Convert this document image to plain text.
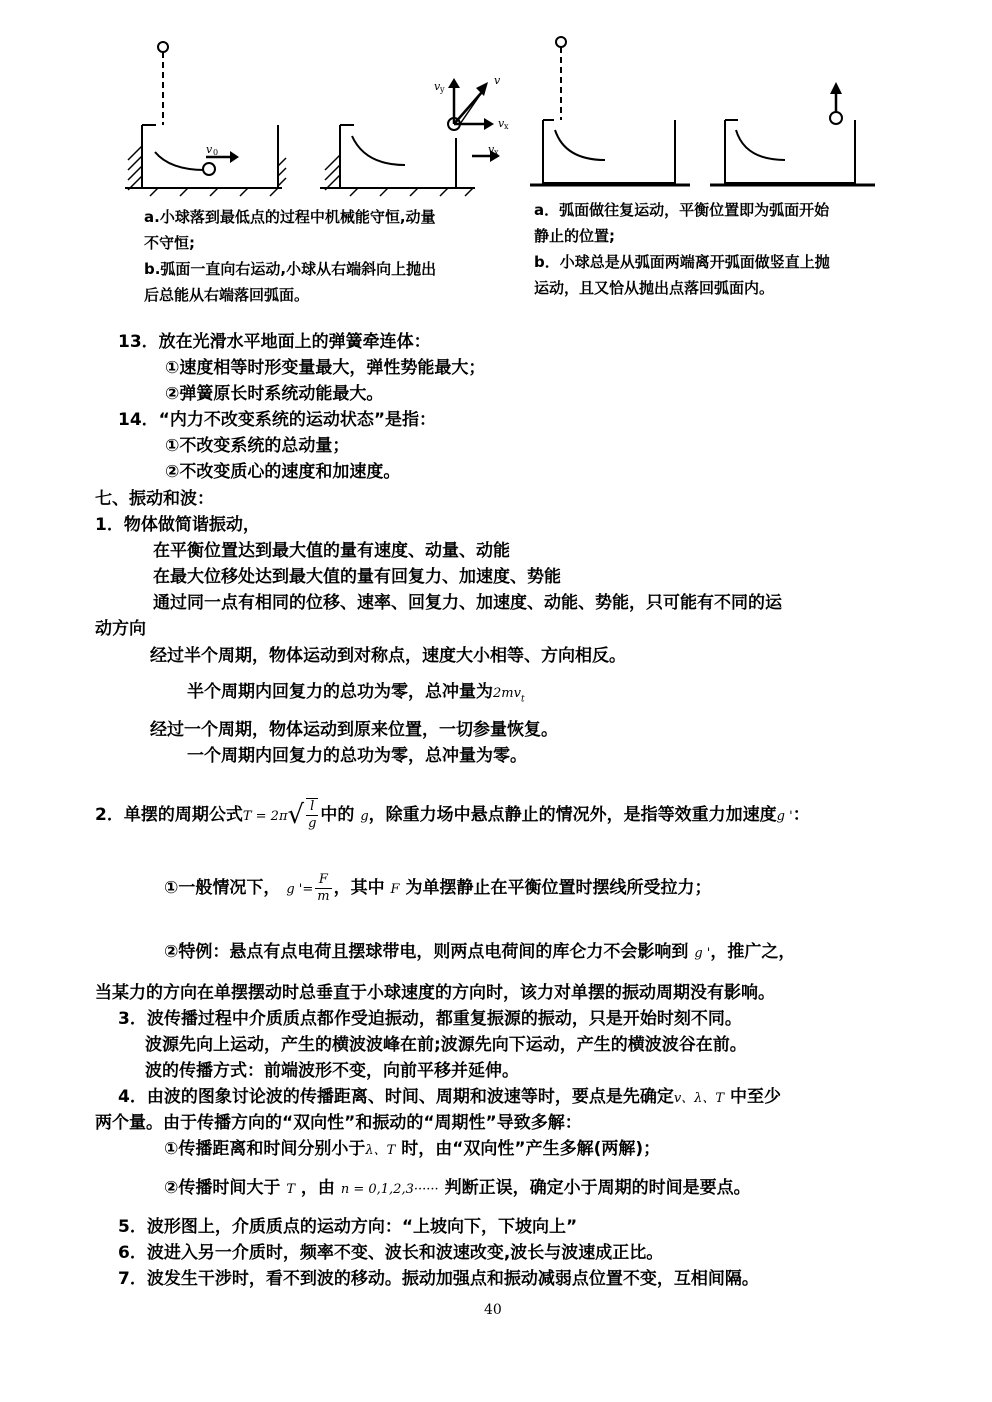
v 0
v y
v
v x
v x
a.小球落到最低点的过程中机械能守恒,动量
不守恒;
b.弧面一直向右运动,小球从右端斜向上抛出
后总能从右端落回弧面。
a．弧面做往复运动，平衡位置即为弧面开始
静止的位置;
b．小球总是从弧面两端离开弧面做竖直上抛
运动，且又恰从抛出点落回弧面内。
13．放在光滑水平地面上的弹簧牵连体：
①速度相等时形变量最大，弹性势能最大；
②弹簧原长时系统动能最大。
14．“内力不改变系统的运动状态”是指：
①不改变系统的总动量；
②不改变质心的速度和加速度。
七、振动和波：
1．物体做简谐振动，
在平衡位置达到最大值的量有速度、动量、动能
在最大位移处达到最大值的量有回复力、加速度、势能
通过同一点有相同的位移、速率、回复力、加速度、动能、势能，只可能有不同的运
动方向
经过半个周期，物体运动到对称点，速度大小相等、方向相反。
半个周期内回复力的总功为零，总冲量为$2mv_t$
经过一个周期，物体运动到原来位置，一切参量恢复。
一个周期内回复力的总功为零，总冲量为零。
2．单摆的周期公式$T = 2\pi√ \frac{l}{g}$ 中的 g，除重力场中悬点静止的情况外，是指等效重力加速度g '：
①一般情况下， g '= $\frac{F}{m}$ ，其中 F 为单摆静止在平衡位置时摆线所受拉力；
②特例：悬点有点电荷且摆球带电，则两点电荷间的库仑力不会影响到 g '，推广之，
当某力的方向在单摆摆动时总垂直于小球速度的方向时，该力对单摆的振动周期没有影响。
3．波传播过程中介质质点都作受迫振动，都重复振源的振动，只是开始时刻不同。
波源先向上运动，产生的横波波峰在前;波源先向下运动，产生的横波波谷在前。
波的传播方式：前端波形不变，向前平移并延伸。
4．由波的图象讨论波的传播距离、时间、周期和波速等时，要点是先确定v、λ、T 中至少
两个量。由于传播方向的“双向性”和振动的“周期性”导致多解：
①传播距离和时间分别小于λ、T 时，由“双向性”产生多解(两解)；
②传播时间大于 T ，由 n = 0,1,2,3······ 判断正误，确定小于周期的时间是要点。
5．波形图上，介质质点的运动方向：“上坡向下，下坡向上”
6．波进入另一介质时，频率不变、波长和波速改变,波长与波速成正比。
7．波发生干涉时，看不到波的移动。振动加强点和振动减弱点位置不变，互相间隔。
40
